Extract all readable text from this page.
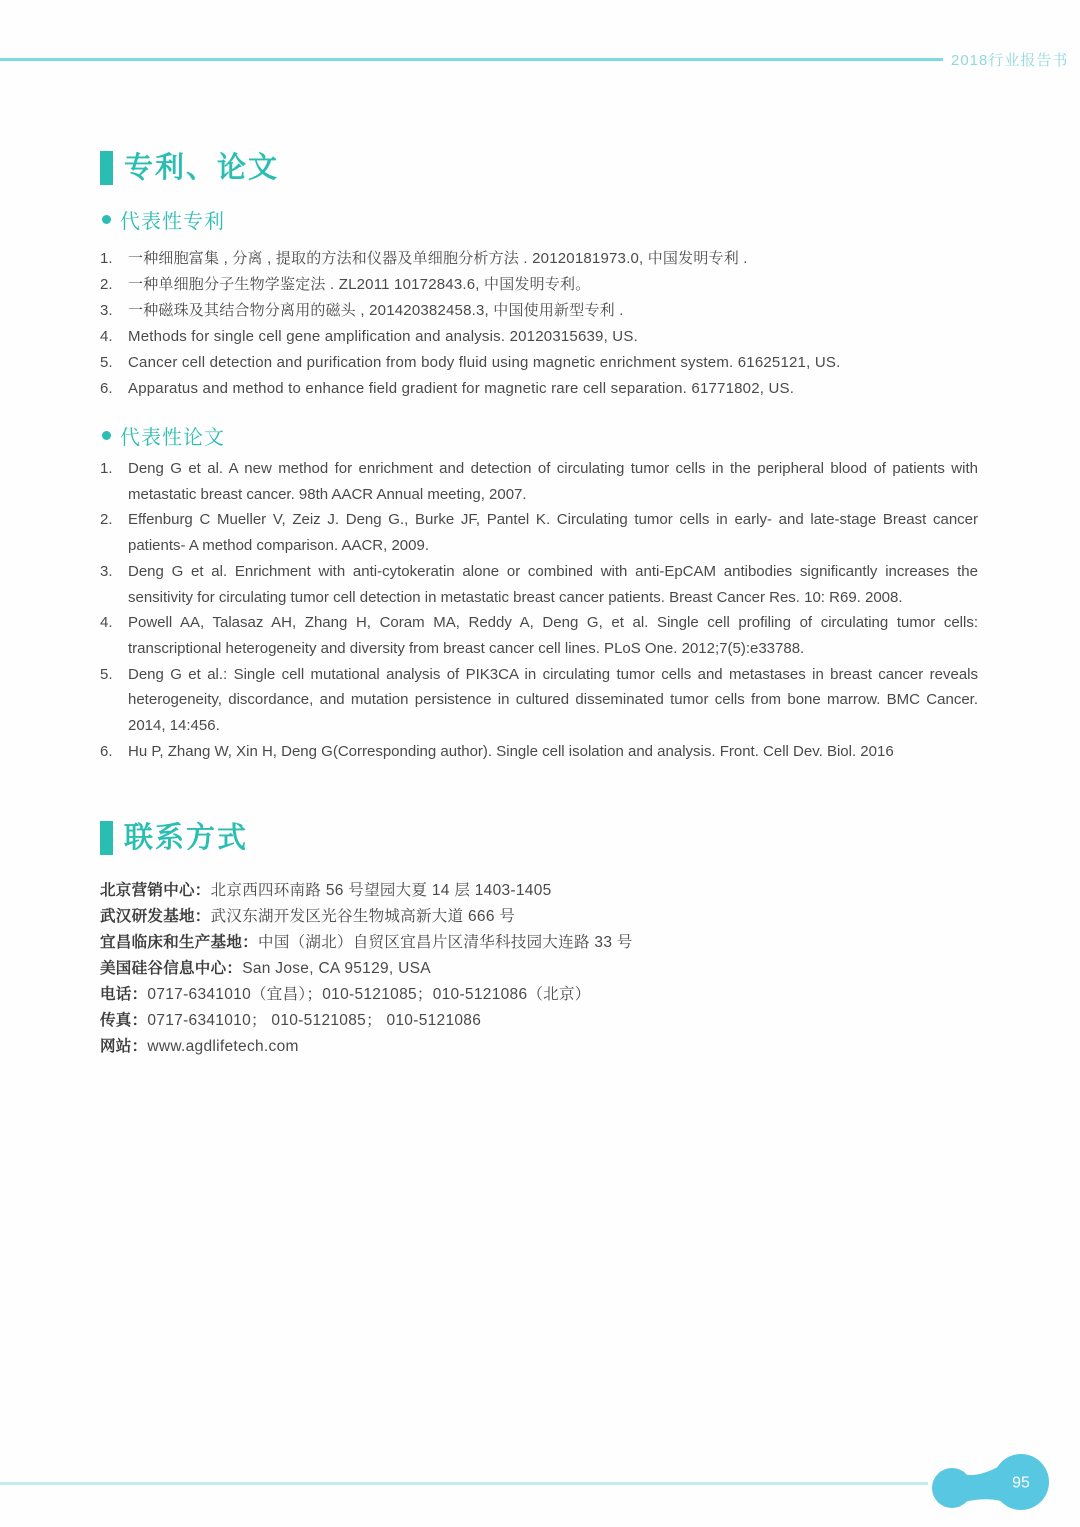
2018行业报告书
专利、论文
代表性专利
1.	一种细胞富集 , 分离 , 提取的方法和仪器及单细胞分析方法 . 20120181973.0, 中国发明专利 .
2.	一种单细胞分子生物学鉴定法 . ZL2011 10172843.6, 中国发明专利。
3.	一种磁珠及其结合物分离用的磁头 , 201420382458.3, 中国使用新型专利 .
4.	Methods for single cell gene amplification and analysis. 20120315639, US.
5.	Cancer cell detection and purification from body fluid using magnetic enrichment system. 61625121, US.
6.	Apparatus and method to enhance field gradient for magnetic rare cell separation. 61771802, US.
代表性论文
1.	Deng G et al. A new method for enrichment and detection of circulating tumor cells in the peripheral blood of patients with metastatic breast cancer. 98th AACR Annual meeting, 2007.
2.	Effenburg C Mueller V, Zeiz J. Deng G., Burke JF, Pantel K. Circulating tumor cells in early- and late-stage Breast cancer patients- A method comparison. AACR, 2009.
3.	Deng G et al. Enrichment with anti-cytokeratin alone or combined with anti-EpCAM antibodies significantly increases the sensitivity for circulating tumor cell detection in metastatic breast cancer patients. Breast Cancer Res. 10: R69. 2008.
4.	Powell AA, Talasaz AH, Zhang H, Coram MA, Reddy A, Deng G, et al. Single cell profiling of circulating tumor cells: transcriptional heterogeneity and diversity from breast cancer cell lines. PLoS One. 2012;7(5):e33788.
5.	Deng G et al.: Single cell mutational analysis of PIK3CA in circulating tumor cells and metastases in breast cancer reveals heterogeneity, discordance, and mutation persistence in cultured disseminated tumor cells from bone marrow. BMC Cancer. 2014, 14:456.
6.	Hu P, Zhang W, Xin H, Deng G(Corresponding author). Single cell isolation and analysis. Front. Cell Dev. Biol. 2016
联系方式
北京营销中心：北京西四环南路 56 号望园大夏 14 层 1403-1405
武汉研发基地：武汉东湖开发区光谷生物城高新大道 666 号
宜昌临床和生产基地：中国（湖北）自贸区宜昌片区清华科技园大连路 33 号
美国硅谷信息中心：San Jose, CA 95129, USA
电话：0717-6341010（宜昌）；010-5121085；010-5121086（北京）
传真：0717-6341010； 010-5121085； 010-5121086
网站：www.agdlifetech.com
95
